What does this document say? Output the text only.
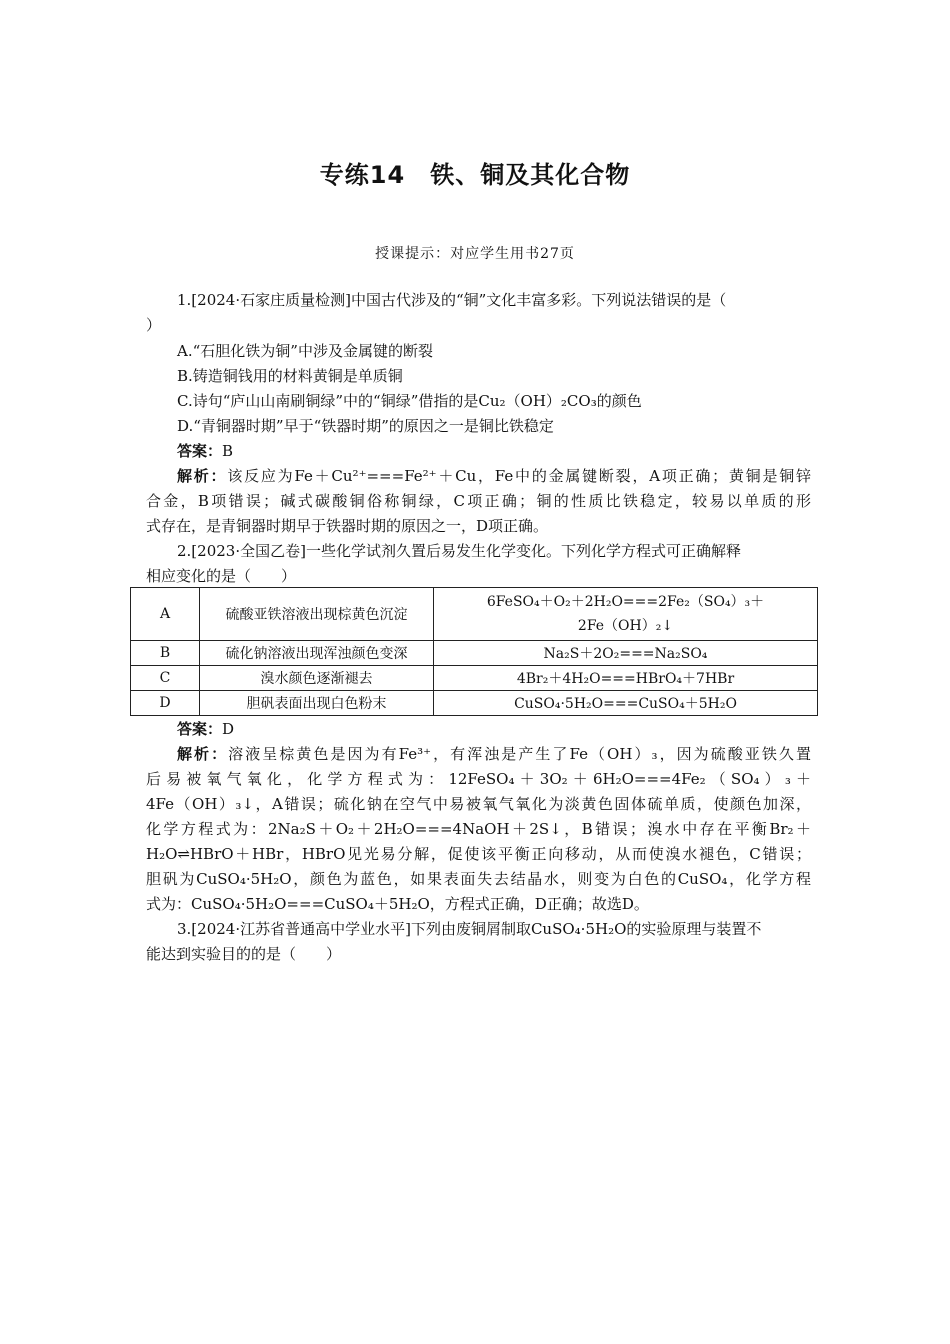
专练14　铁、铜及其化合物
授课提示：对应学生用书27页
1.[2024·石家庄质量检测]中国古代涉及的“铜”文化丰富多彩。下列说法错误的是（
）
A.“石胆化铁为铜”中涉及金属键的断裂
B.铸造铜钱用的材料黄铜是单质铜
C.诗句“庐山山南刷铜绿”中的“铜绿”借指的是Cu₂（OH）₂CO₃的颜色
D.“青铜器时期”早于“铁器时期”的原因之一是铜比铁稳定
答案：B
解析：该反应为Fe＋Cu²⁺===Fe²⁺＋Cu，Fe中的金属键断裂，A项正确；黄铜是铜锌
合金，B项错误；碱式碳酸铜俗称铜绿，C项正确；铜的性质比铁稳定，较易以单质的形
式存在，是青铜器时期早于铁器时期的原因之一，D项正确。
2.[2023·全国乙卷]一些化学试剂久置后易发生化学变化。下列化学方程式可正确解释
相应变化的是（　　）
A	硫酸亚铁溶液出现棕黄色沉淀	6FeSO₄＋O₂＋2H₂O===2Fe₂（SO₄）₃＋
2Fe（OH）₂↓

B	硫化钠溶液出现浑浊颜色变深	Na₂S＋2O₂===Na₂SO₄
C	溴水颜色逐渐褪去	4Br₂＋4H₂O===HBrO₄＋7HBr
D	胆矾表面出现白色粉末	CuSO₄·5H₂O===CuSO₄＋5H₂O
答案：D
解析：溶液呈棕黄色是因为有Fe³⁺，有浑浊是产生了Fe（OH）₃，因为硫酸亚铁久置
后易被氧气氧化，化学方程式为：12FeSO₄＋3O₂＋6H₂O===4Fe₂（SO₄）₃＋
4Fe（OH）₃↓，A错误；硫化钠在空气中易被氧气氧化为淡黄色固体硫单质，使颜色加深，
化学方程式为：2Na₂S＋O₂＋2H₂O===4NaOH＋2S↓，B错误；溴水中存在平衡Br₂＋
H₂O⇌HBrO＋HBr，HBrO见光易分解，促使该平衡正向移动，从而使溴水褪色，C错误；
胆矾为CuSO₄·5H₂O，颜色为蓝色，如果表面失去结晶水，则变为白色的CuSO₄，化学方程
式为：CuSO₄·5H₂O===CuSO₄＋5H₂O，方程式正确，D正确；故选D。
3.[2024·江苏省普通高中学业水平]下列由废铜屑制取CuSO₄·5H₂O的实验原理与装置不
能达到实验目的的是（　　）
